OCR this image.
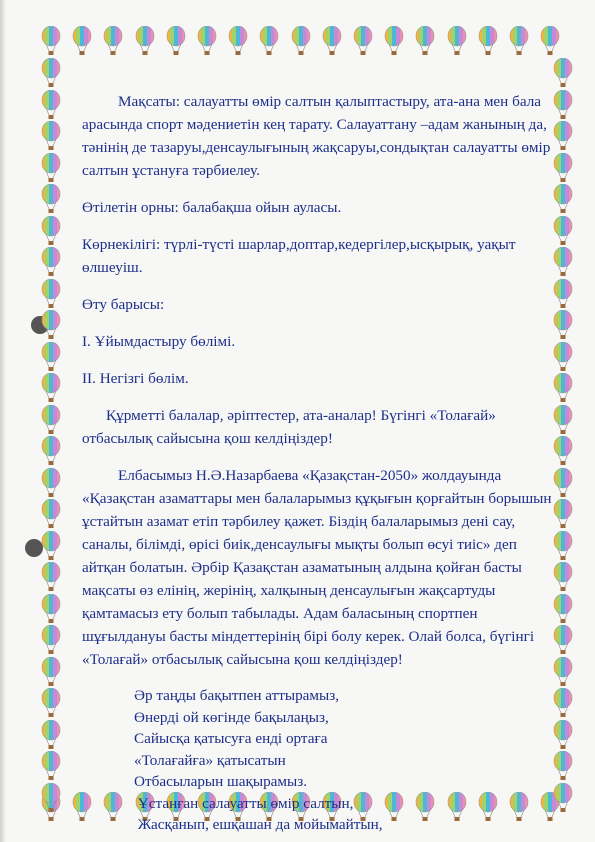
Мақсаты: салауатты өмір салтын қалыптастыру, ата-ана мен бала арасында спорт мәдениетін кең тарату. Салауаттану –адам жанының да, тәнінің де тазаруы,денсаулығының жақсаруы,сондықтан салауатты өмір салтын ұстануға тәрбиелеу.

Өтілетін орны: балабақша ойын ауласы.

Көрнекілігі: түрлі-түсті шарлар,доптар,кедергілер,ысқырық, уақыт өлшеуіш.

Өту барысы:

I. Ұйымдастыру бөлімі.

II. Негізгі бөлім.

Құрметті балалар, әріптестер, ата-аналар! Бүгінгі «Толағай» отбасылық сайысына қош келдіңіздер!

Елбасымыз Н.Ә.Назарбаева «Қазақстан-2050» жолдауында «Қазақстан азаматтары мен балаларымыз құқығын қорғайтын борышын ұстайтын азамат етіп тәрбилеу қажет. Біздің балаларымыз дені сау, саналы, білімді, өрісі биік,денсаулығы мықты болып өсуі тиіс» деп айтқан болатын. Әрбір Қазақстан азаматының алдына қойған басты мақсаты өз елінің, жерінің, халқының денсаулығын жақсартуды қамтамасыз ету болып табылады. Адам баласының спортпен шұғылдануы басты міндеттерінің бірі болу керек. Олай болса, бүгінгі «Толағай» отбасылық сайысына қош келдіңіздер!

Әр таңды бақытпен аттырамыз,
Өнерді ой көгінде бақылаңыз,
Сайысқа қатысуға енді ортаға
«Толағайға» қатысатын
Отбасыларын шақырамыз.
Ұстанған салауатты өмір салтын,
Жасқанып, ешқашан да мойымайтын,
